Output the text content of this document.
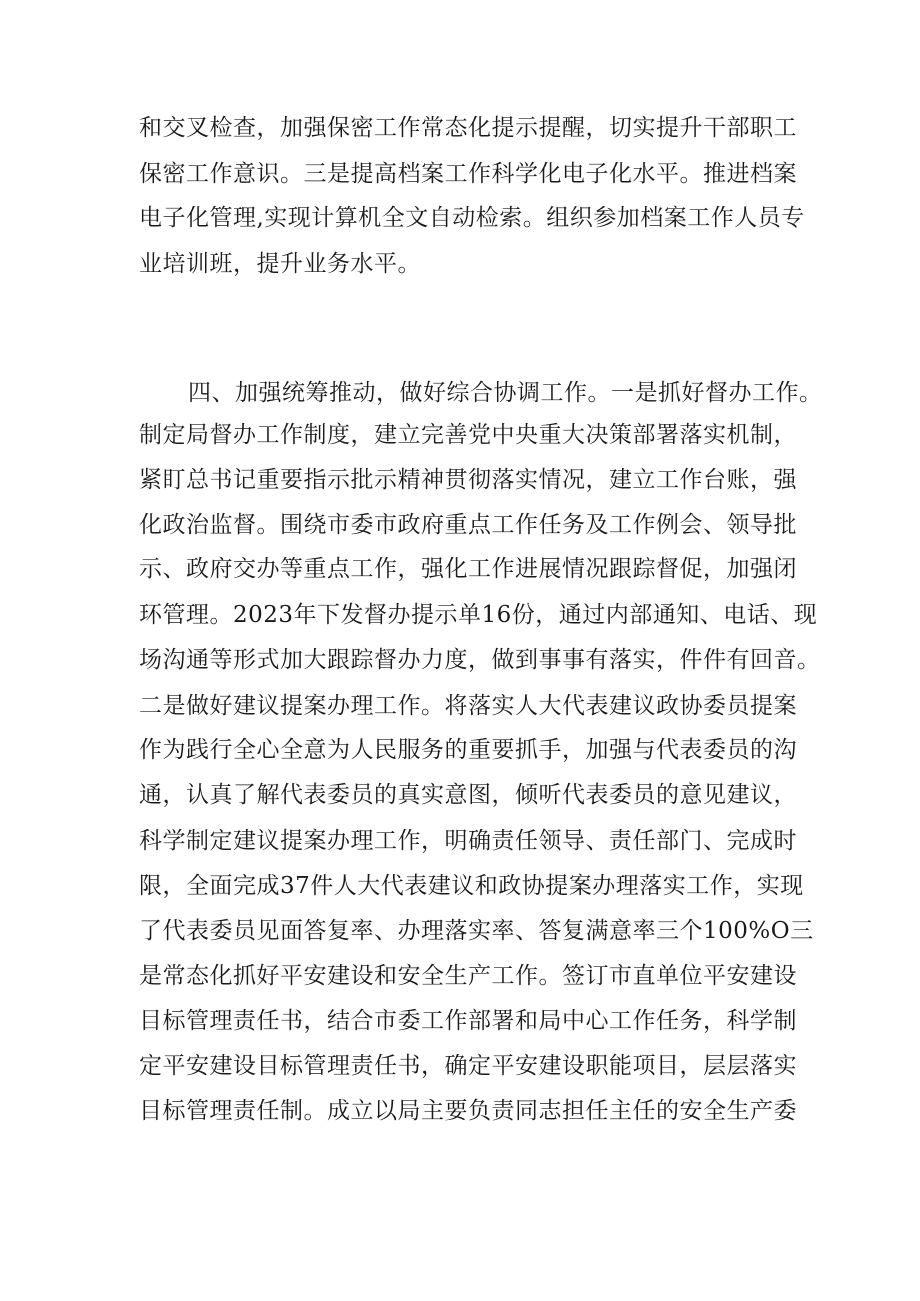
和交叉检查，加强保密工作常态化提示提醒，切实提升干部职工
保密工作意识。三是提高档案工作科学化电子化水平。推进档案
电子化管理,实现计算机全文自动检索。组织参加档案工作人员专
业培训班，提升业务水平。
四、加强统筹推动，做好综合协调工作。一是抓好督办工作。
制定局督办工作制度，建立完善党中央重大决策部署落实机制，
紧盯总书记重要指示批示精神贯彻落实情况，建立工作台账，强
化政治监督。围绕市委市政府重点工作任务及工作例会、领导批
示、政府交办等重点工作，强化工作进展情况跟踪督促，加强闭
环管理。2023年下发督办提示单16份，通过内部通知、电话、现
场沟通等形式加大跟踪督办力度，做到事事有落实，件件有回音。
二是做好建议提案办理工作。将落实人大代表建议政协委员提案
作为践行全心全意为人民服务的重要抓手，加强与代表委员的沟
通，认真了解代表委员的真实意图，倾听代表委员的意见建议，
科学制定建议提案办理工作，明确责任领导、责任部门、完成时
限，全面完成37件人大代表建议和政协提案办理落实工作，实现
了代表委员见面答复率、办理落实率、答复满意率三个100%O三
是常态化抓好平安建设和安全生产工作。签订市直单位平安建设
目标管理责任书，结合市委工作部署和局中心工作任务，科学制
定平安建设目标管理责任书，确定平安建设职能项目，层层落实
目标管理责任制。成立以局主要负责同志担任主任的安全生产委
